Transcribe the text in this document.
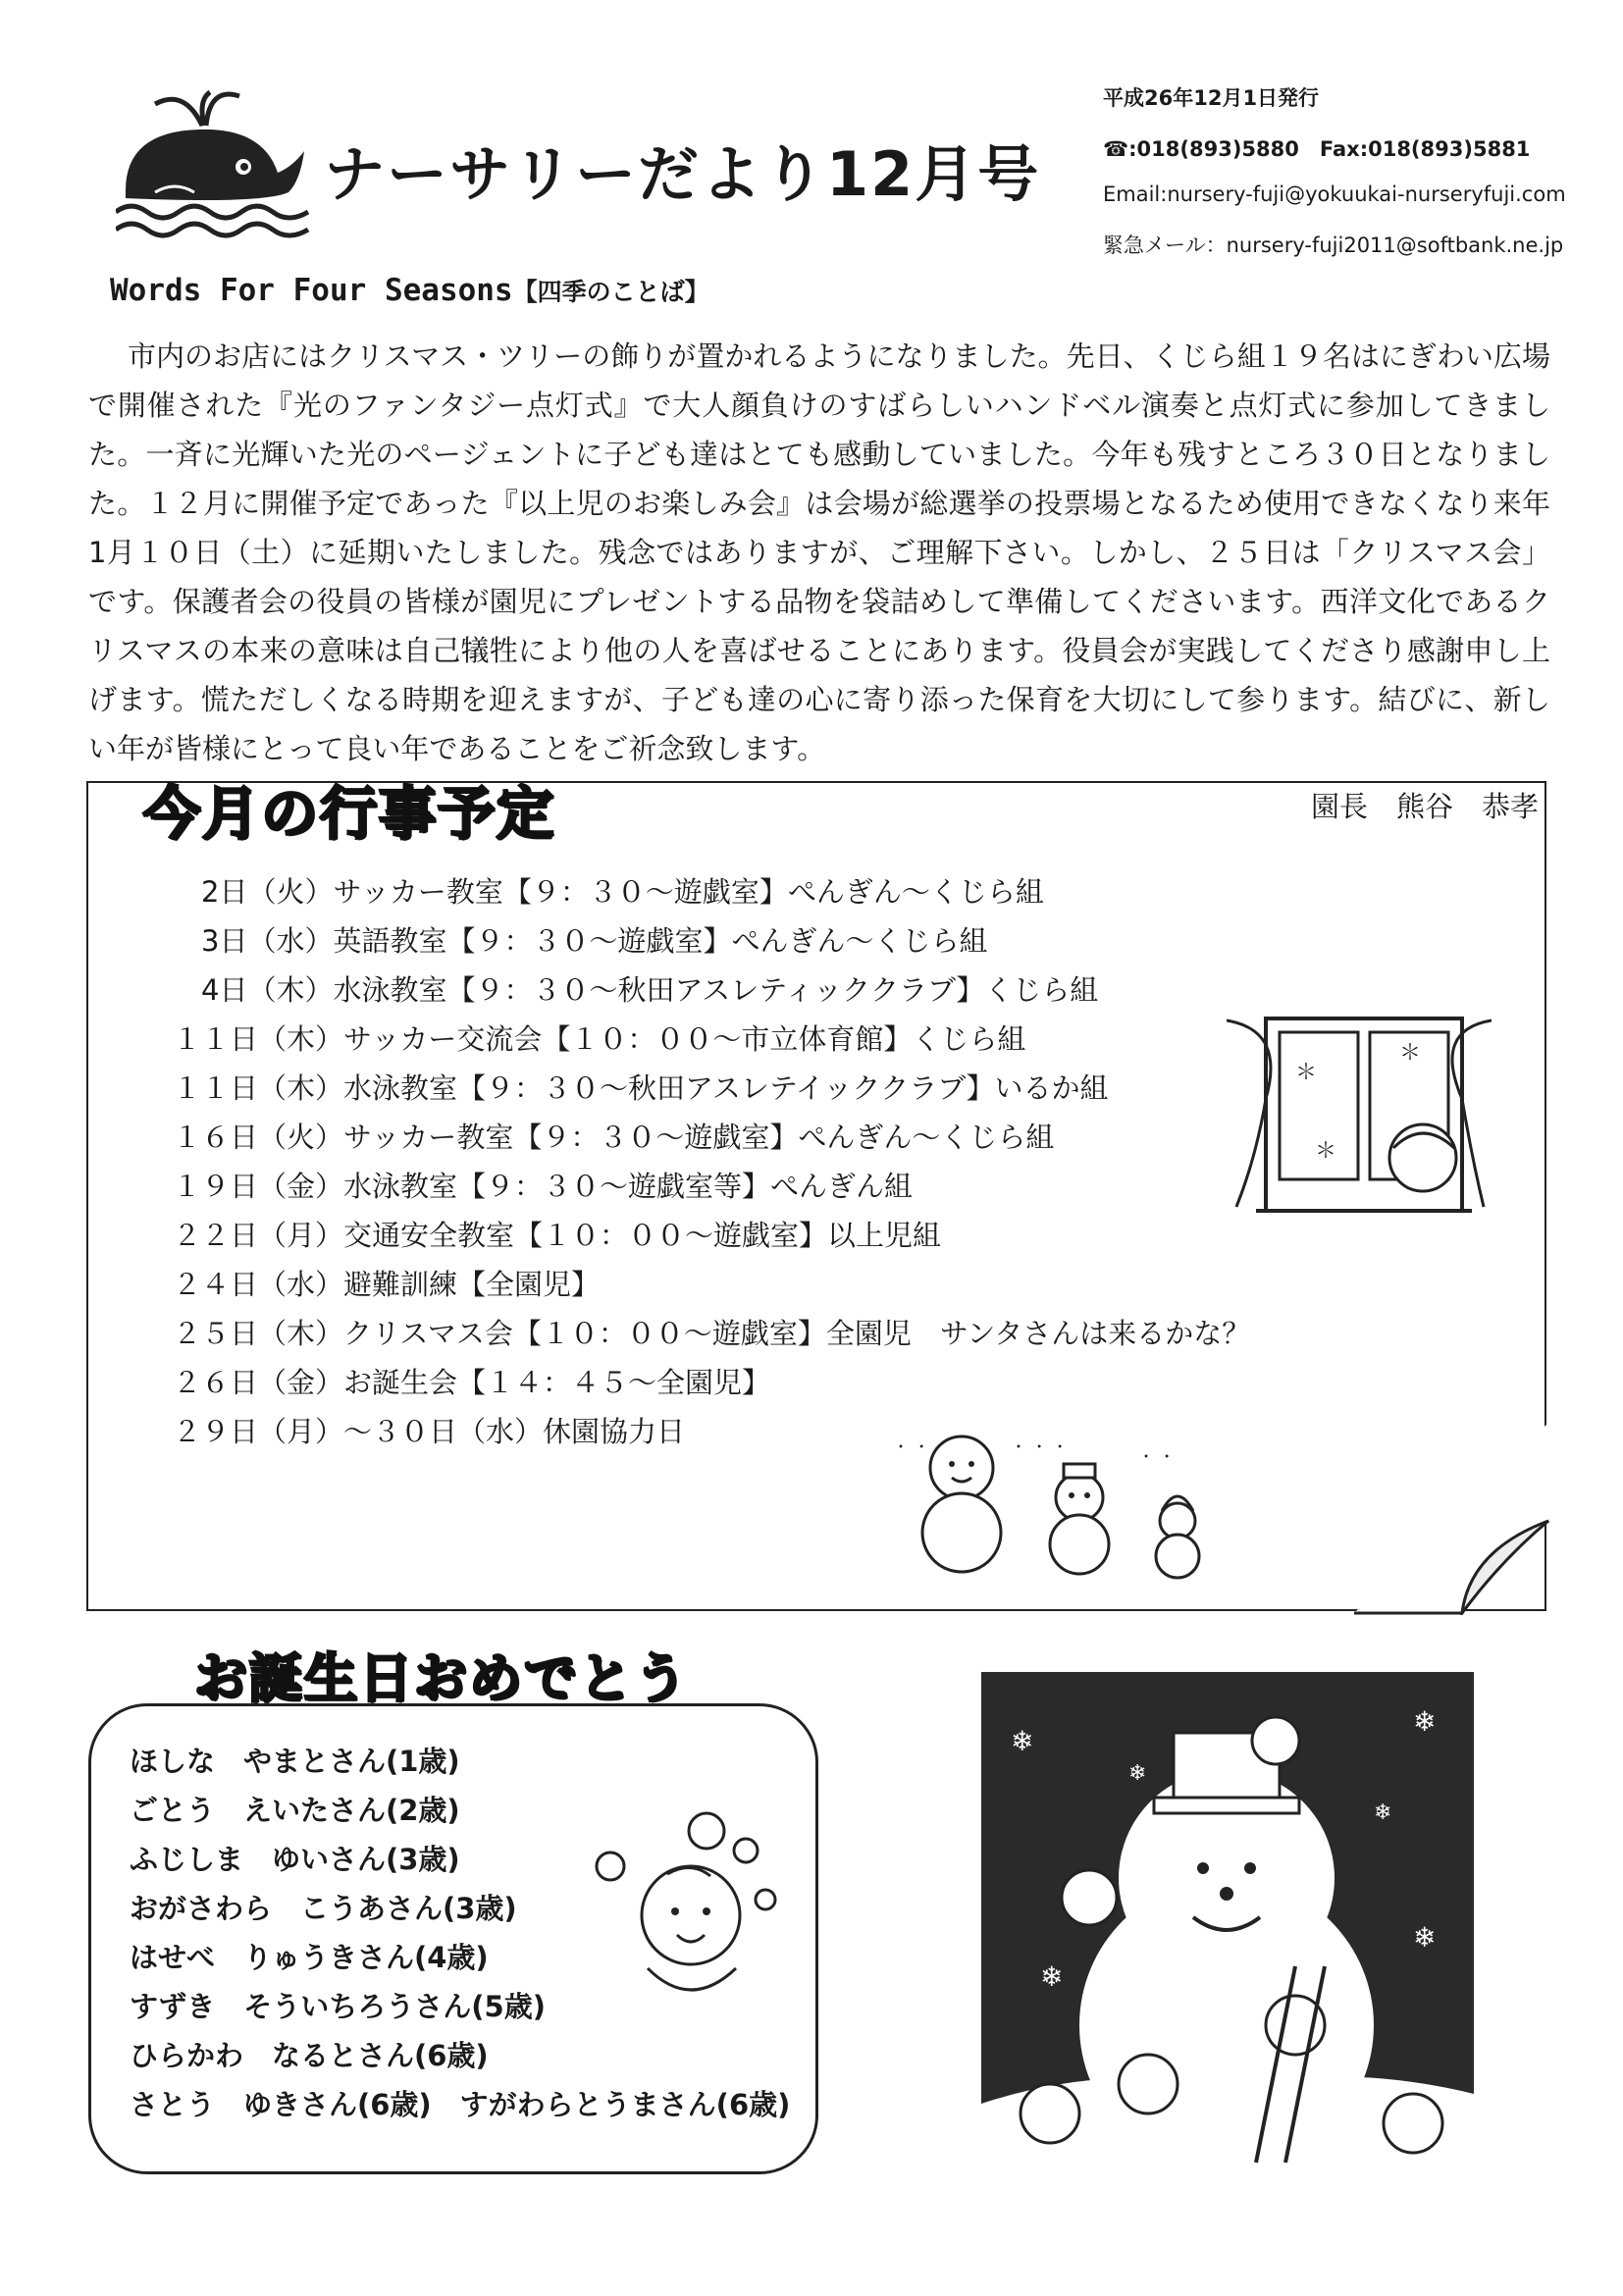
ナーサリーだより12月号
平成26年12月1日発行
☎:018(893)5880　Fax:018(893)5881
Email:nursery-fuji@yokuukai-nurseryfuji.com
緊急メール：nursery-fuji2011@softbank.ne.jp
Words For Four Seasons【四季のことば】
市内のお店にはクリスマス・ツリーの飾りが置かれるようになりました。先日、くじら組１９名はにぎわい広場で開催された『光のファンタジー点灯式』で大人顔負けのすばらしいハンドベル演奏と点灯式に参加してきました。一斉に光輝いた光のページェントに子ども達はとても感動していました。今年も残すところ３０日となりました。１２月に開催予定であった『以上児のお楽しみ会』は会場が総選挙の投票場となるため使用できなくなり来年1月１０日（土）に延期いたしました。残念ではありますが、ご理解下さい。しかし、２５日は「クリスマス会」です。保護者会の役員の皆様が園児にプレゼントする品物を袋詰めして準備してくださいます。西洋文化であるクリスマスの本来の意味は自己犠牲により他の人を喜ばせることにあります。役員会が実践してくださり感謝申し上げます。慌ただしくなる時期を迎えますが、子ども達の心に寄り添った保育を大切にして参ります。結びに、新しい年が皆様にとって良い年であることをご祈念致します。
今月の行事予定	園長　熊谷　恭孝
　2日（火）サッカー教室【９：３０～遊戯室】ぺんぎん～くじら組
　3日（水）英語教室【９：３０～遊戯室】ぺんぎん～くじら組
　4日（木）水泳教室【９：３０～秋田アスレティッククラブ】くじら組
１１日（木）サッカー交流会【１０：００～市立体育館】くじら組
１１日（木）水泳教室【９：３０～秋田アスレテイッククラブ】いるか組
１６日（火）サッカー教室【９：３０～遊戯室】ぺんぎん～くじら組
１９日（金）水泳教室【９：３０～遊戯室等】ぺんぎん組
２２日（月）交通安全教室【１０：００～遊戯室】以上児組
２４日（水）避難訓練【全園児】
２５日（木）クリスマス会【１０：００～遊戯室】全園児　サンタさんは来るかな？
２６日（金）お誕生会【１４：４５～全園児】
２９日（月）～３０日（水）休園協力日
＊
＊
＊
・ ・	・ ・ ・
・ ・
お誕生日おめでとう
ほしな　やまとさん(1歳)
ごとう　えいたさん(2歳)
ふじしま　ゆいさん(3歳)
おがさわら　こうあさん(3歳)
はせべ　りゅうきさん(4歳)
すずき　そういちろうさん(5歳)
ひらかわ　なるとさん(6歳)
さとう　ゆきさん(6歳)　すがわらとうまさん(6歳)
❄
❄
❄
❄
❄
❄
